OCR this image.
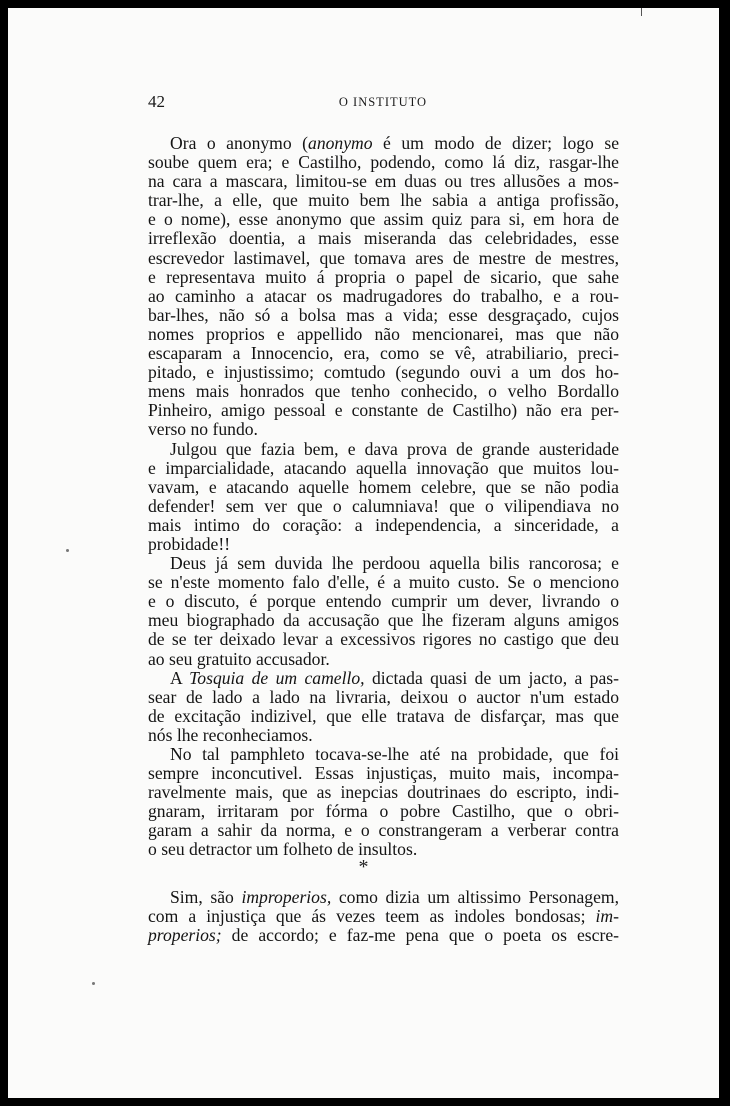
42	O INSTITUTO
Ora o anonymo (anonymo é um modo de dizer; logo se
soube quem era; e Castilho, podendo, como lá diz, rasgar-lhe
na cara a mascara, limitou-se em duas ou tres allusões a mos-
trar-lhe, a elle, que muito bem lhe sabia a antiga profissão,
e o nome), esse anonymo que assim quiz para si, em hora de
irreflexão doentia, a mais miseranda das celebridades, esse
escrevedor lastimavel, que tomava ares de mestre de mestres,
e representava muito á propria o papel de sicario, que sahe
ao caminho a atacar os madrugadores do trabalho, e a rou-
bar-lhes, não só a bolsa mas a vida; esse desgraçado, cujos
nomes proprios e appellido não mencionarei, mas que não
escaparam a Innocencio, era, como se vê, atrabiliario, preci-
pitado, e injustissimo; comtudo (segundo ouvi a um dos ho-
mens mais honrados que tenho conhecido, o velho Bordallo
Pinheiro, amigo pessoal e constante de Castilho) não era per-
verso no fundo.
Julgou que fazia bem, e dava prova de grande austeridade
e imparcialidade, atacando aquella innovação que muitos lou-
vavam, e atacando aquelle homem celebre, que se não podia
defender! sem ver que o calumniava! que o vilipendiava no
mais intimo do coração: a independencia, a sinceridade, a
probidade!!
Deus já sem duvida lhe perdoou aquella bilis rancorosa; e
se n'este momento falo d'elle, é a muito custo. Se o menciono
e o discuto, é porque entendo cumprir um dever, livrando o
meu biographado da accusação que lhe fizeram alguns amigos
de se ter deixado levar a excessivos rigores no castigo que deu
ao seu gratuito accusador.
A Tosquia de um camello, dictada quasi de um jacto, a pas-
sear de lado a lado na livraria, deixou o auctor n'um estado
de excitação indizivel, que elle tratava de disfarçar, mas que
nós lhe reconheciamos.
No tal pamphleto tocava-se-lhe até na probidade, que foi
sempre inconcutivel. Essas injustiças, muito mais, incompa-
ravelmente mais, que as inepcias doutrinaes do escripto, indi-
gnaram, irritaram por fórma o pobre Castilho, que o obri-
garam a sahir da norma, e o constrangeram a verberar contra
o seu detractor um folheto de insultos.
*
Sim, são improperios, como dizia um altissimo Personagem,
com a injustiça que ás vezes teem as indoles bondosas; im-
properios; de accordo; e faz-me pena que o poeta os escre-
